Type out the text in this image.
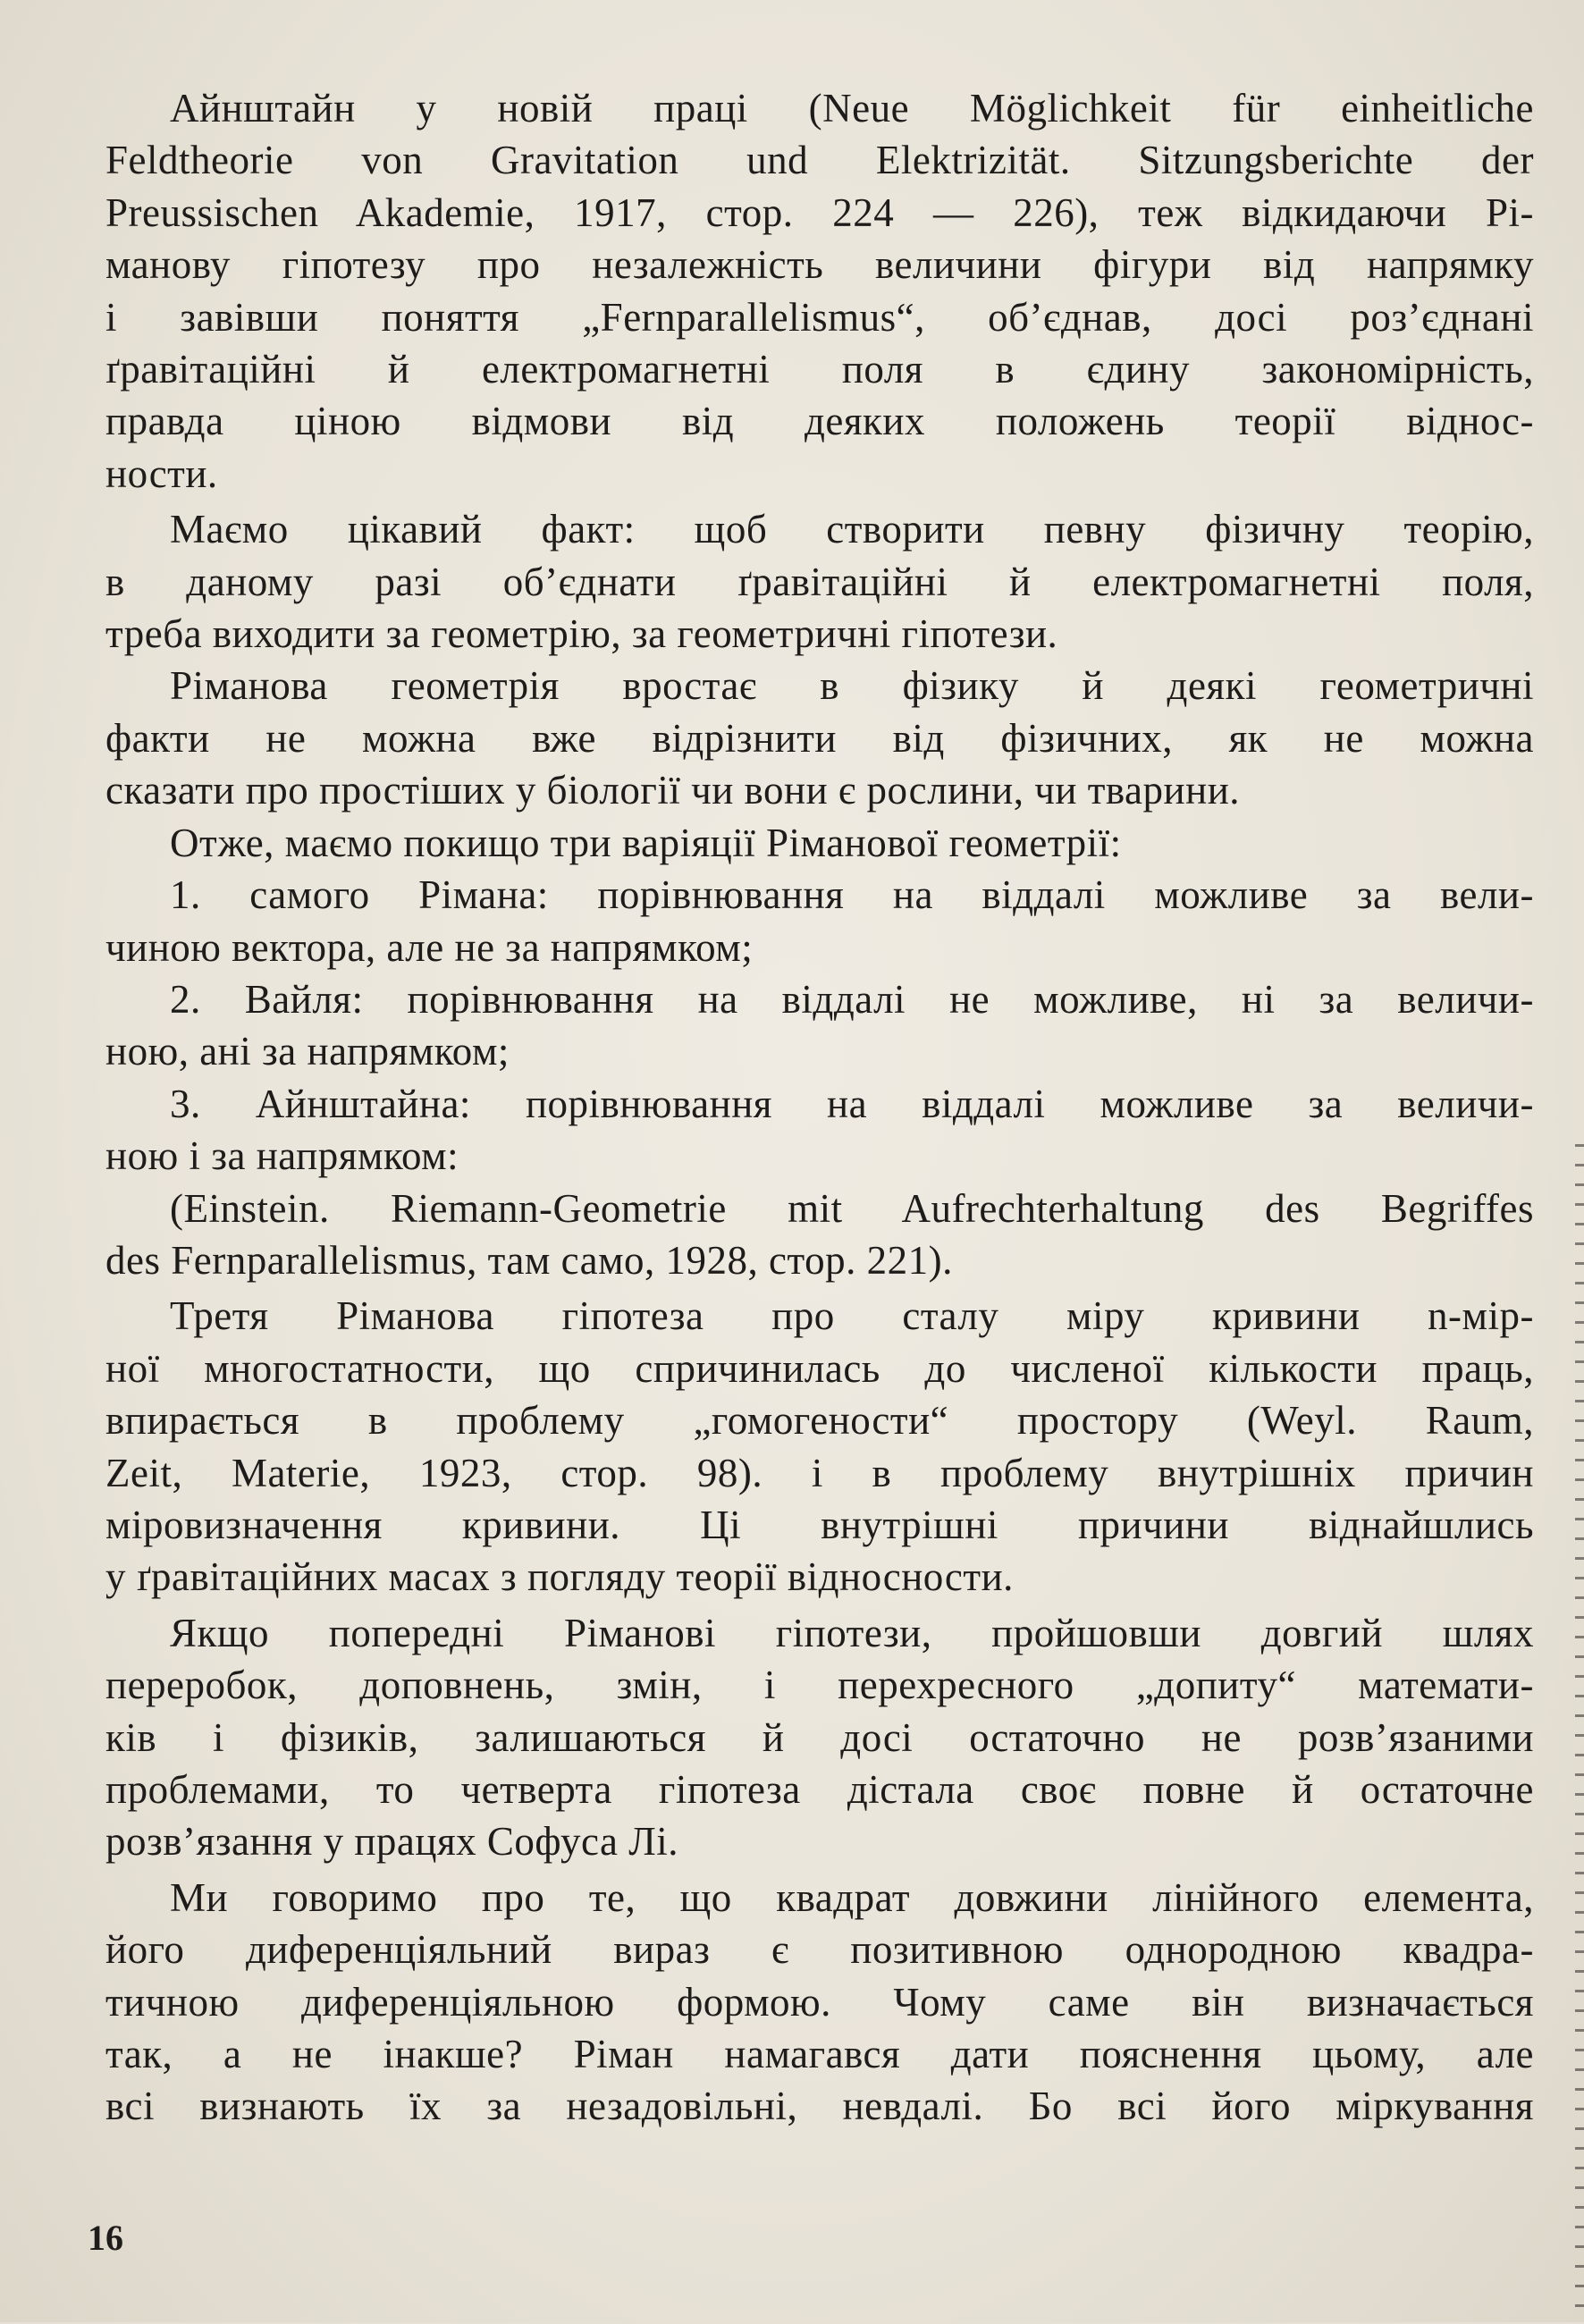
Айнштайн у новій праці (Neue Möglichkeit für einheitliche
Feldtheorie von Gravitation und Elektrizität. Sitzungsberichte der
Preussischen Akademie, 1917, стор. 224 — 226), теж відкидаючи Рі-
манову гіпотезу про незалежність величини фігури від напрямку
і завівши поняття „Fernparallelismus“, об’єднав, досі роз’єднані
ґравітаційні й електромагнетні поля в єдину закономірність,
правда ціною відмови від деяких положень теорії віднос-
ности.

Маємо цікавий факт: щоб створити певну фізичну теорію,
в даному разі об’єднати ґравітаційні й електромагнетні поля,
треба виходити за геометрію, за геометричні гіпотези.

Ріманова геометрія вростає в фізику й деякі геометричні
факти не можна вже відрізнити від фізичних, як не можна
сказати про простіших у біології чи вони є рослини, чи тварини.

Отже, маємо покищо три варіяції Ріманової геометрії:

1. самого Рімана: порівнювання на віддалі можливе за вели-
чиною вектора, але не за напрямком;

2. Вайля: порівнювання на віддалі не можливе, ні за величи-
ною, ані за напрямком;

3. Айнштайна: порівнювання на віддалі можливе за величи-
ною і за напрямком:

(Einstein. Riemann-Geometrie mit Aufrechterhaltung des Begriffes
des Fernparallelismus, там само, 1928, стор. 221).

Третя Ріманова гіпотеза про сталу міру кривини n-мір-
ної многостатности, що спричинилась до численої кількости праць,
впирається в проблему „гомогености“ простору (Weyl. Raum,
Zeit, Materie, 1923, стор. 98). і в проблему внутрішніх причин
міровизначення кривини. Ці внутрішні причини віднайшлись
у ґравітаційних масах з погляду теорії відносности.

Якщо попередні Ріманові гіпотези, пройшовши довгий шлях
переробок, доповнень, змін, і перехресного „допиту“ математи-
ків і фізиків, залишаються й досі остаточно не розв’язаними
проблемами, то четверта гіпотеза дістала своє повне й остаточне
розв’язання у працях Софуса Лі.

Ми говоримо про те, що квадрат довжини лінійного елемента,
його диференціяльний вираз є позитивною однородною квадра-
тичною диференціяльною формою. Чому саме він визначається
так, а не інакше? Ріман намагався дати пояснення цьому, але
всі визнають їх за незадовільні, невдалі. Бо всі його міркування

16
